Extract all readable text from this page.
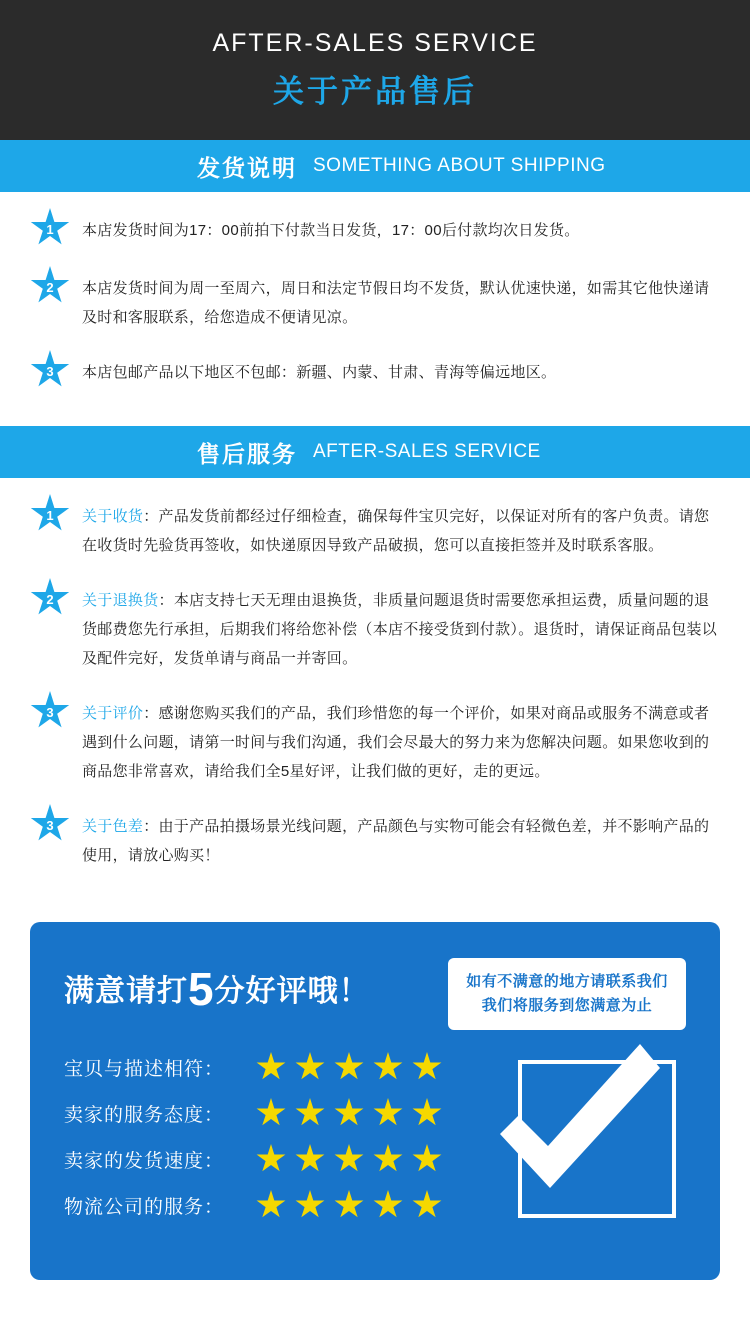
AFTER-SALES SERVICE
关于产品售后
发货说明 SOMETHING ABOUT SHIPPING
1	本店发货时间为17：00前拍下付款当日发货，17：00后付款均次日发货。
2	本店发货时间为周一至周六，周日和法定节假日均不发货，默认优速快递，如需其它他快递请及时和客服联系，给您造成不便请见凉。
3	本店包邮产品以下地区不包邮：新疆、内蒙、甘肃、青海等偏远地区。
售后服务 AFTER-SALES SERVICE
1	关于收货：产品发货前都经过仔细检查，确保每件宝贝完好，以保证对所有的客户负责。请您在收货时先验货再签收，如快递原因导致产品破损，您可以直接拒签并及时联系客服。
2	关于退换货：本店支持七天无理由退换货，非质量问题退货时需要您承担运费，质量问题的退货邮费您先行承担，后期我们将给您补偿（本店不接受货到付款）。退货时，请保证商品包装以及配件完好，发货单请与商品一并寄回。
3	关于评价：感谢您购买我们的产品，我们珍惜您的每一个评价，如果对商品或服务不满意或者遇到什么问题，请第一时间与我们沟通，我们会尽最大的努力来为您解决问题。如果您收到的商品您非常喜欢，请给我们全5星好评，让我们做的更好，走的更远。
3	关于色差：由于产品拍摄场景光线问题，产品颜色与实物可能会有轻微色差，并不影响产品的使用，请放心购买！
满意请打5分好评哦！	如有不满意的地方请联系我们
我们将服务到您满意为止
宝贝与描述相符：
卖家的服务态度：
卖家的发货速度：
物流公司的服务：
